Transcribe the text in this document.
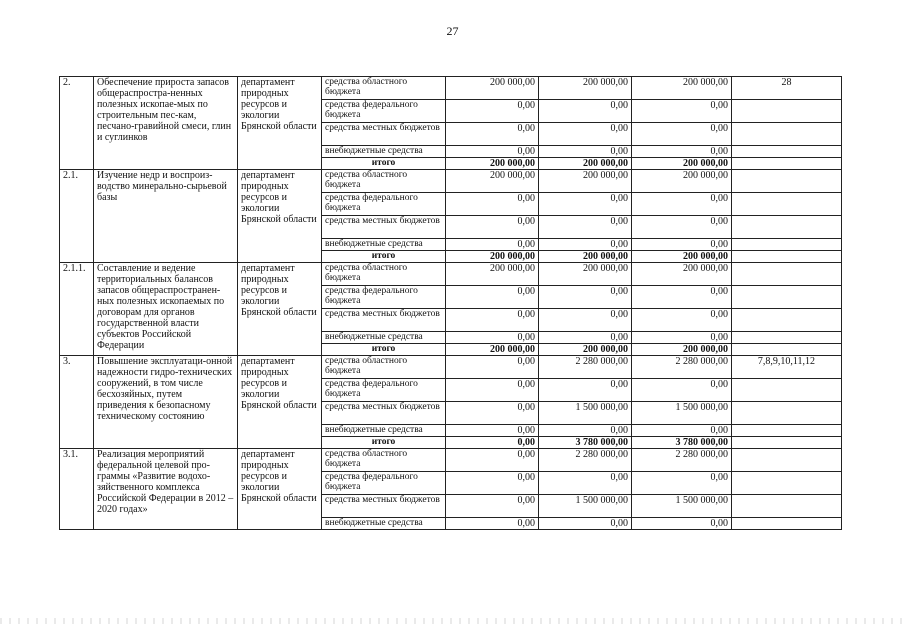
27
2.	Обеспечение прироста запасов общераспростра-ненных полезных ископае-мых по строительным пес-кам, песчано-гравийной смеси, глин и суглинков	департамент природных ресурсов и экологии Брянской области	средства областного бюджета	200 000,00	200 000,00	200 000,00	28
			средства федерального бюджета	0,00	0,00	0,00	
			средства местных бюджетов	0,00	0,00	0,00	
			внебюджетные средства	0,00	0,00	0,00	
			итого	200 000,00	200 000,00	200 000,00	
2.1.	Изучение недр и воспроиз-водство минерально-сырьевой базы	департамент природных ресурсов и экологии Брянской области	средства областного бюджета	200 000,00	200 000,00	200 000,00	
			средства федерального бюджета	0,00	0,00	0,00	
			средства местных бюджетов	0,00	0,00	0,00	
			внебюджетные средства	0,00	0,00	0,00	
			итого	200 000,00	200 000,00	200 000,00	
2.1.1.	Составление и ведение территориальных балансов запасов общераспространен-ных полезных ископаемых по договорам для органов государственной власти субъектов Российской Федерации	департамент природных ресурсов и экологии Брянской области	средства областного бюджета	200 000,00	200 000,00	200 000,00	
			средства федерального бюджета	0,00	0,00	0,00	
			средства местных бюджетов	0,00	0,00	0,00	
			внебюджетные средства	0,00	0,00	0,00	
			итого	200 000,00	200 000,00	200 000,00	
3.	Повышение эксплуатаци-онной надежности гидро-технических сооружений, в том числе бесхозяйных, путем приведения к безопасному техническому состоянию	департамент природных ресурсов и экологии Брянской области	средства областного бюджета	0,00	2 280 000,00	2 280 000,00	7,8,9,10,11,12
			средства федерального бюджета	0,00	0,00	0,00	
			средства местных бюджетов	0,00	1 500 000,00	1 500 000,00	
			внебюджетные средства	0,00	0,00	0,00	
			итого	0,00	3 780 000,00	3 780 000,00	
3.1.	Реализация мероприятий федеральной целевой про-граммы «Развитие водохо-зяйственного комплекса Российской Федерации в 2012 – 2020 годах»	департамент природных ресурсов и экологии Брянской области	средства областного бюджета	0,00	2 280 000,00	2 280 000,00	
			средства федерального бюджета	0,00	0,00	0,00	
			средства местных бюджетов	0,00	1 500 000,00	1 500 000,00	
			внебюджетные средства	0,00	0,00	0,00	
